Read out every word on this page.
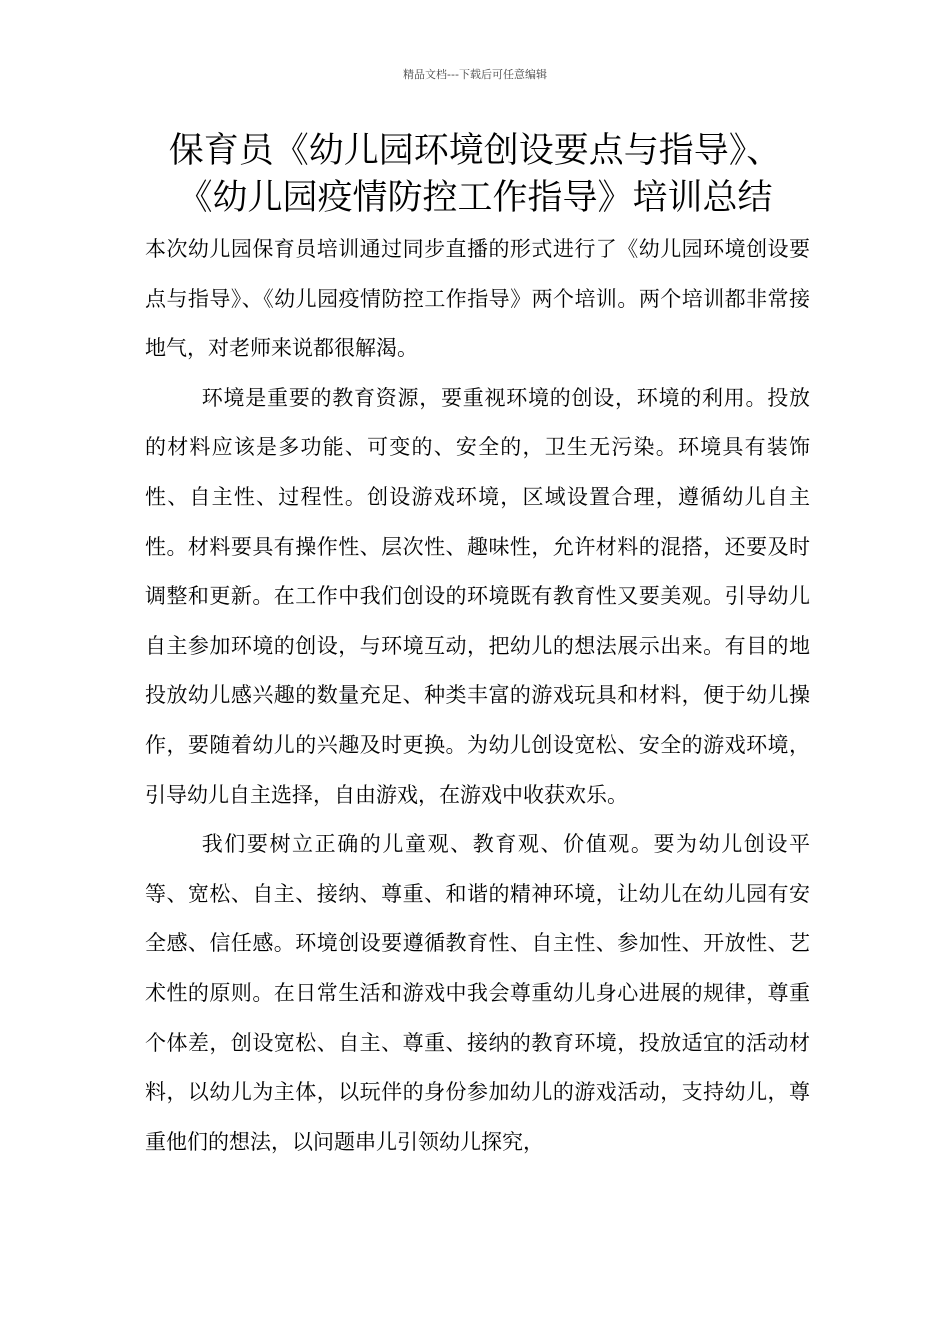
精品文档---下载后可任意编辑
保育员《幼儿园环境创设要点与指导》、
《幼儿园疫情防控工作指导》培训总结

本次幼儿园保育员培训通过同步直播的形式进行了《幼儿园环境创设要点与指导》、《幼儿园疫情防控工作指导》两个培训。两个培训都非常接地气，对老师来说都很解渴。

环境是重要的教育资源，要重视环境的创设，环境的利用。投放的材料应该是多功能、可变的、安全的，卫生无污染。环境具有装饰性、自主性、过程性。创设游戏环境，区域设置合理，遵循幼儿自主性。材料要具有操作性、层次性、趣味性，允许材料的混搭，还要及时调整和更新。在工作中我们创设的环境既有教育性又要美观。引导幼儿自主参加环境的创设，与环境互动，把幼儿的想法展示出来。有目的地投放幼儿感兴趣的数量充足、种类丰富的游戏玩具和材料，便于幼儿操作，要随着幼儿的兴趣及时更换。为幼儿创设宽松、安全的游戏环境，引导幼儿自主选择，自由游戏，在游戏中收获欢乐。

我们要树立正确的儿童观、教育观、价值观。要为幼儿创设平等、宽松、自主、接纳、尊重、和谐的精神环境，让幼儿在幼儿园有安全感、信任感。环境创设要遵循教育性、自主性、参加性、开放性、艺术性的原则。在日常生活和游戏中我会尊重幼儿身心进展的规律，尊重个体差，创设宽松、自主、尊重、接纳的教育环境，投放适宜的活动材料，以幼儿为主体，以玩伴的身份参加幼儿的游戏活动，支持幼儿，尊重他们的想法，以问题串儿引领幼儿探究，
